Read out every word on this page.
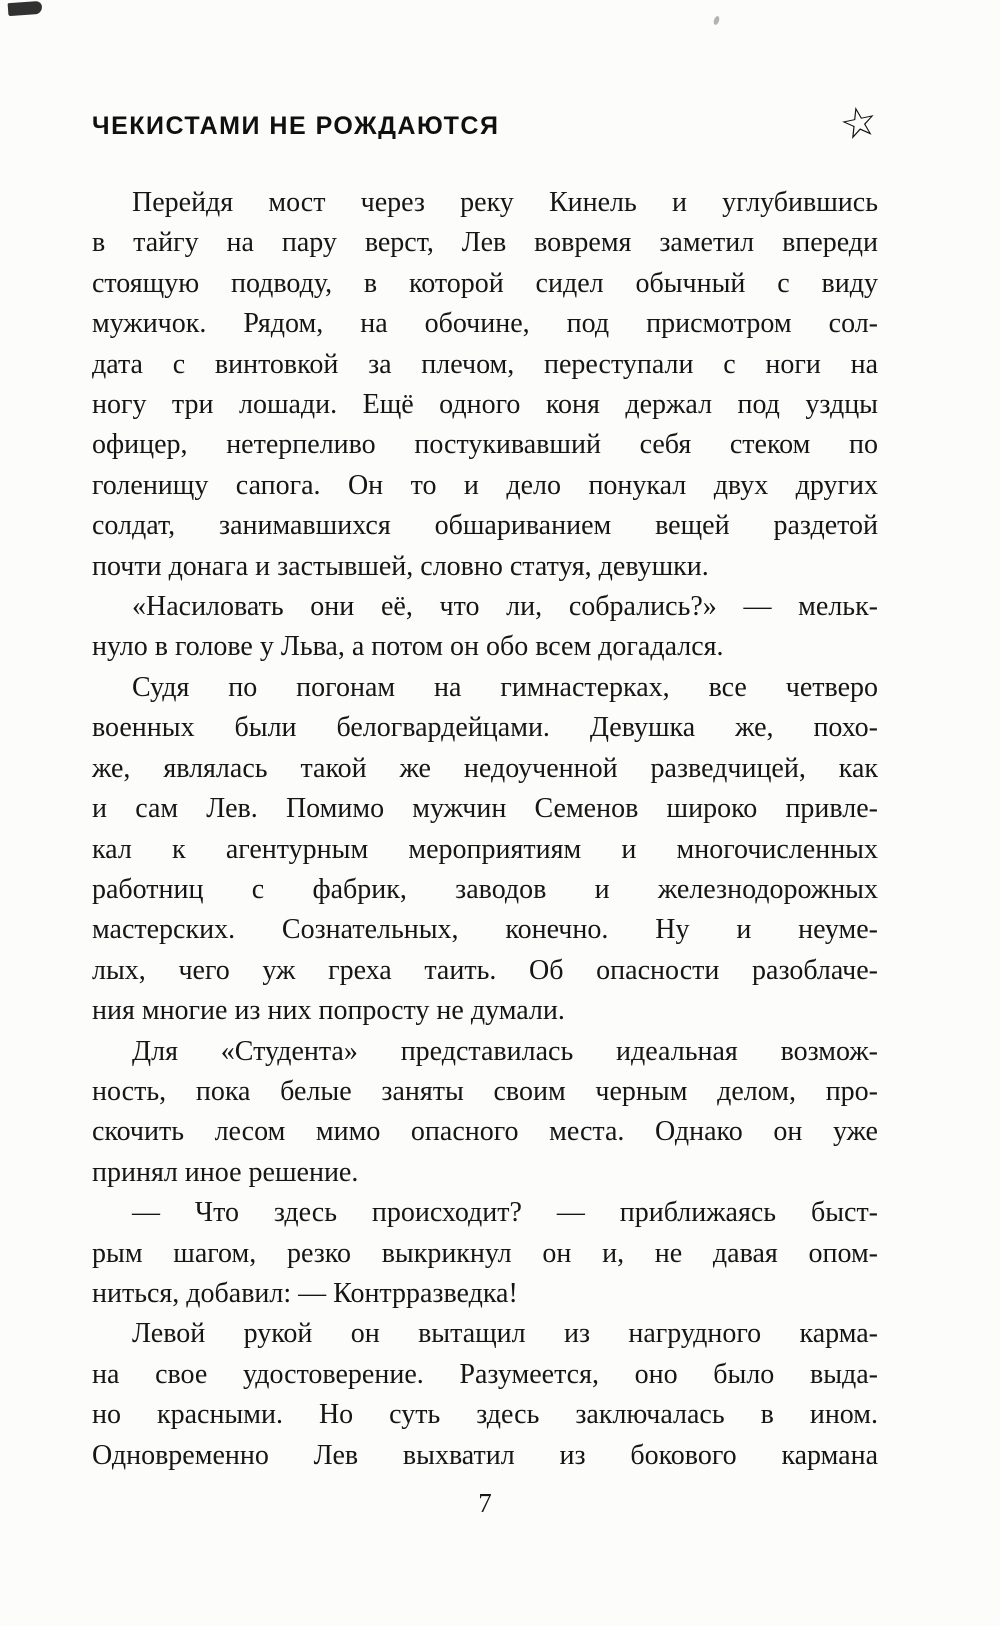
ЧЕКИСТАМИ НЕ РОЖДАЮТСЯ	☆
Перейдя мост через реку Кинель и углубившись
в тайгу на пару верст, Лев вовремя заметил впереди
стоящую подводу, в которой сидел обычный с виду
мужичок. Рядом, на обочине, под присмотром сол-
дата с винтовкой за плечом, переступали с ноги на
ногу три лошади. Ещё одного коня держал под уздцы
офицер, нетерпеливо постукивавший себя стеком по
голенищу сапога. Он то и дело понукал двух других
солдат, занимавшихся обшариванием вещей раздетой
почти донага и застывшей, словно статуя, девушки.
«Насиловать они её, что ли, собрались?» — мельк-
нуло в голове у Льва, а потом он обо всем догадался.
Судя по погонам на гимнастерках, все четверо
военных были белогвардейцами. Девушка же, похо-
же, являлась такой же недоученной разведчицей, как
и сам Лев. Помимо мужчин Семенов широко привле-
кал к агентурным мероприятиям и многочисленных
работниц с фабрик, заводов и железнодорожных
мастерских. Сознательных, конечно. Ну и неуме-
лых, чего уж греха таить. Об опасности разоблаче-
ния многие из них попросту не думали.
Для «Студента» представилась идеальная возмож-
ность, пока белые заняты своим черным делом, про-
скочить лесом мимо опасного места. Однако он уже
принял иное решение.
— Что здесь происходит? — приближаясь быст-
рым шагом, резко выкрикнул он и, не давая опом-
ниться, добавил: — Контрразведка!
Левой рукой он вытащил из нагрудного карма-
на свое удостоверение. Разумеется, оно было выда-
но красными. Но суть здесь заключалась в ином.
Одновременно Лев выхватил из бокового кармана
7
